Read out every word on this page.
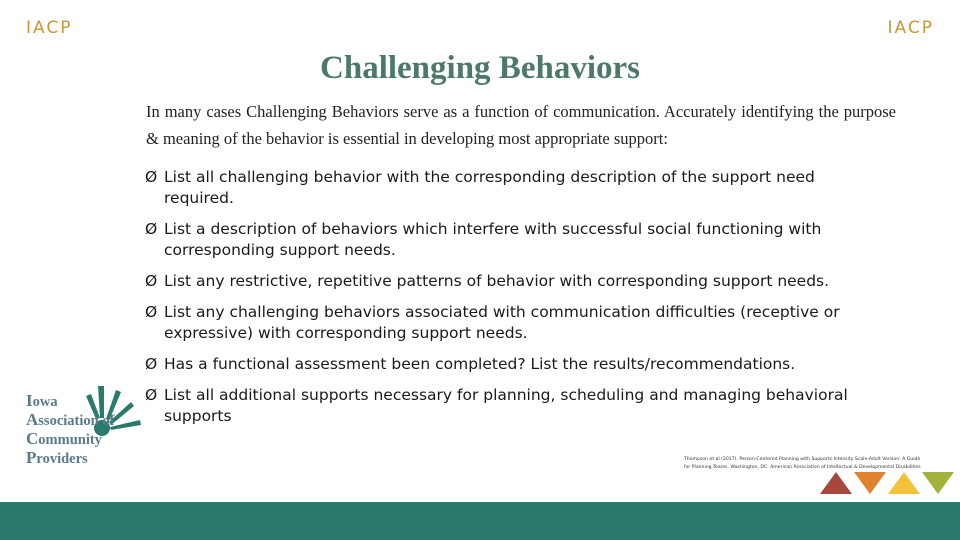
IACP	IACP
Challenging Behaviors
In many cases Challenging Behaviors serve as a function of communication. Accurately identifying the purpose & meaning of the behavior is essential in developing most appropriate support:
Ø List all challenging behavior with the corresponding description of the support need required.
Ø List a description of behaviors which interfere with successful social functioning with corresponding support needs.
Ø List any restrictive, repetitive patterns of behavior with corresponding support needs.
Ø List any challenging behaviors associated with communication difficulties (receptive or expressive) with corresponding support needs.
Ø Has a functional assessment been completed? List the results/recommendations.
Ø List all additional supports necessary for planning, scheduling and managing behavioral supports
Iowa
Association of
Community
Providers	Thompson et al (2017). Person-Centered Planning with Supports Intensity Scale-Adult Version: A Guide
for Planning Teams. Washington, DC: American Association of Intellectual & Developmental Disabilities
